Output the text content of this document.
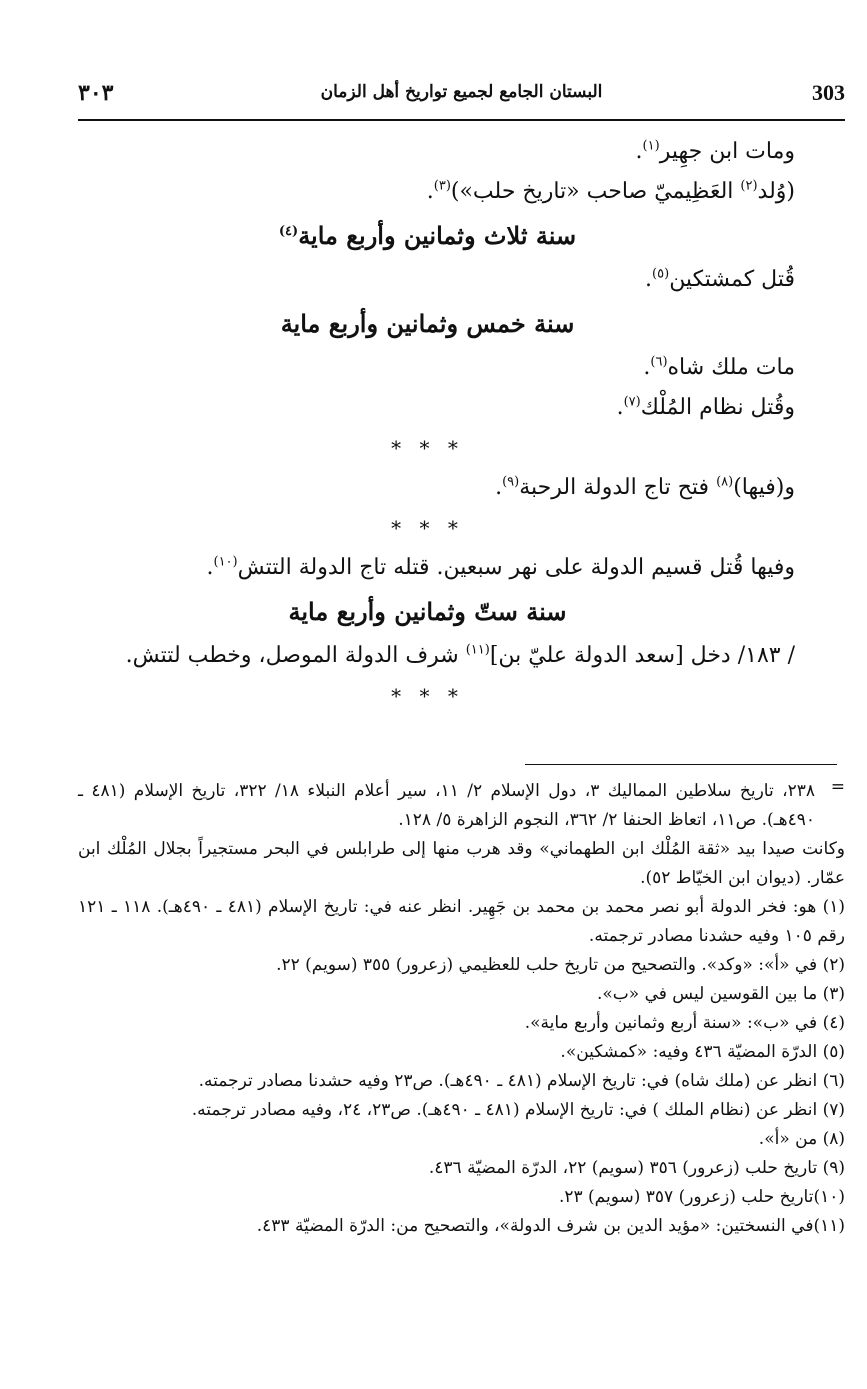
٣٠٣	البستان الجامع لجميع تواريخ أهل الزمان	303
ومات ابن جهِير$^{(١)}$.
(وُلد$^{(٢)}$ العَظِيميّ صاحب «تاريخ حلب»)$^{(٣)}$.
سنة ثلاث وثمانين وأربع ماية$^{(٤)}$
قُتل كمشتكين$^{(٥)}$.
سنة خمس وثمانين وأربع ماية
مات ملك شاه$^{(٦)}$.
وقُتل نظام المُلْك$^{(٧)}$.
* * *
و(فيها)$^{(٨)}$ فتح تاج الدولة الرحبة$^{(٩)}$.
* * *
وفيها قُتل قسيم الدولة على نهر سبعين. قتله تاج الدولة التتش$^{(١٠)}$.
سنة ستّ وثمانين وأربع ماية
/ ١٨٣/ دخل [سعد الدولة عليّ بن]$^{(١١)}$ شرف الدولة الموصل، وخطب لتتش.
* * *
=
٢٣٨، تاريخ سلاطين المماليك ٣، دول الإسلام ٢/ ١١، سير أعلام النبلاء ١٨/ ٣٢٢، تاريخ الإسلام (٤٨١ ـ ٤٩٠هـ). ص١١، اتعاظ الحنفا ٢/ ٣٦٢، النجوم الزاهرة ٥/ ١٢٨.
وكانت صيدا بيد «ثقة المُلْك ابن الطهماني» وقد هرب منها إلى طرابلس في البحر مستجيراً بجلال المُلْك ابن عمّار. (ديوان ابن الخيّاط ٥٢).
(١) هو: فخر الدولة أبو نصر محمد بن محمد بن جَهِير. انظر عنه في: تاريخ الإسلام (٤٨١ ـ ٤٩٠هـ). ١١٨ ـ ١٢١ رقم ١٠٥ وفيه حشدنا مصادر ترجمته.
(٢) في «أ»: «وكد». والتصحيح من تاريخ حلب للعظيمي (زعرور) ٣٥٥ (سويم) ٢٢.
(٣) ما بين القوسين ليس في «ب».
(٤) في «ب»: «سنة أربع وثمانين وأربع ماية».
(٥) الدرّة المضيّة ٤٣٦ وفيه: «كمشكين».
(٦) انظر عن (ملك شاه) في: تاريخ الإسلام (٤٨١ ـ ٤٩٠هـ). ص٢٣ وفيه حشدنا مصادر ترجمته.
(٧) انظر عن (نظام الملك ) في: تاريخ الإسلام (٤٨١ ـ ٤٩٠هـ). ص٢٣، ٢٤، وفيه مصادر ترجمته.
(٨) من «أ».
(٩) تاريخ حلب (زعرور) ٣٥٦ (سويم) ٢٢، الدرّة المضيّة ٤٣٦.
(١٠)تاريخ حلب (زعرور) ٣٥٧ (سويم) ٢٣.
(١١)في النسختين: «مؤيد الدين بن شرف الدولة»، والتصحيح من: الدرّة المضيّة ٤٣٣.
